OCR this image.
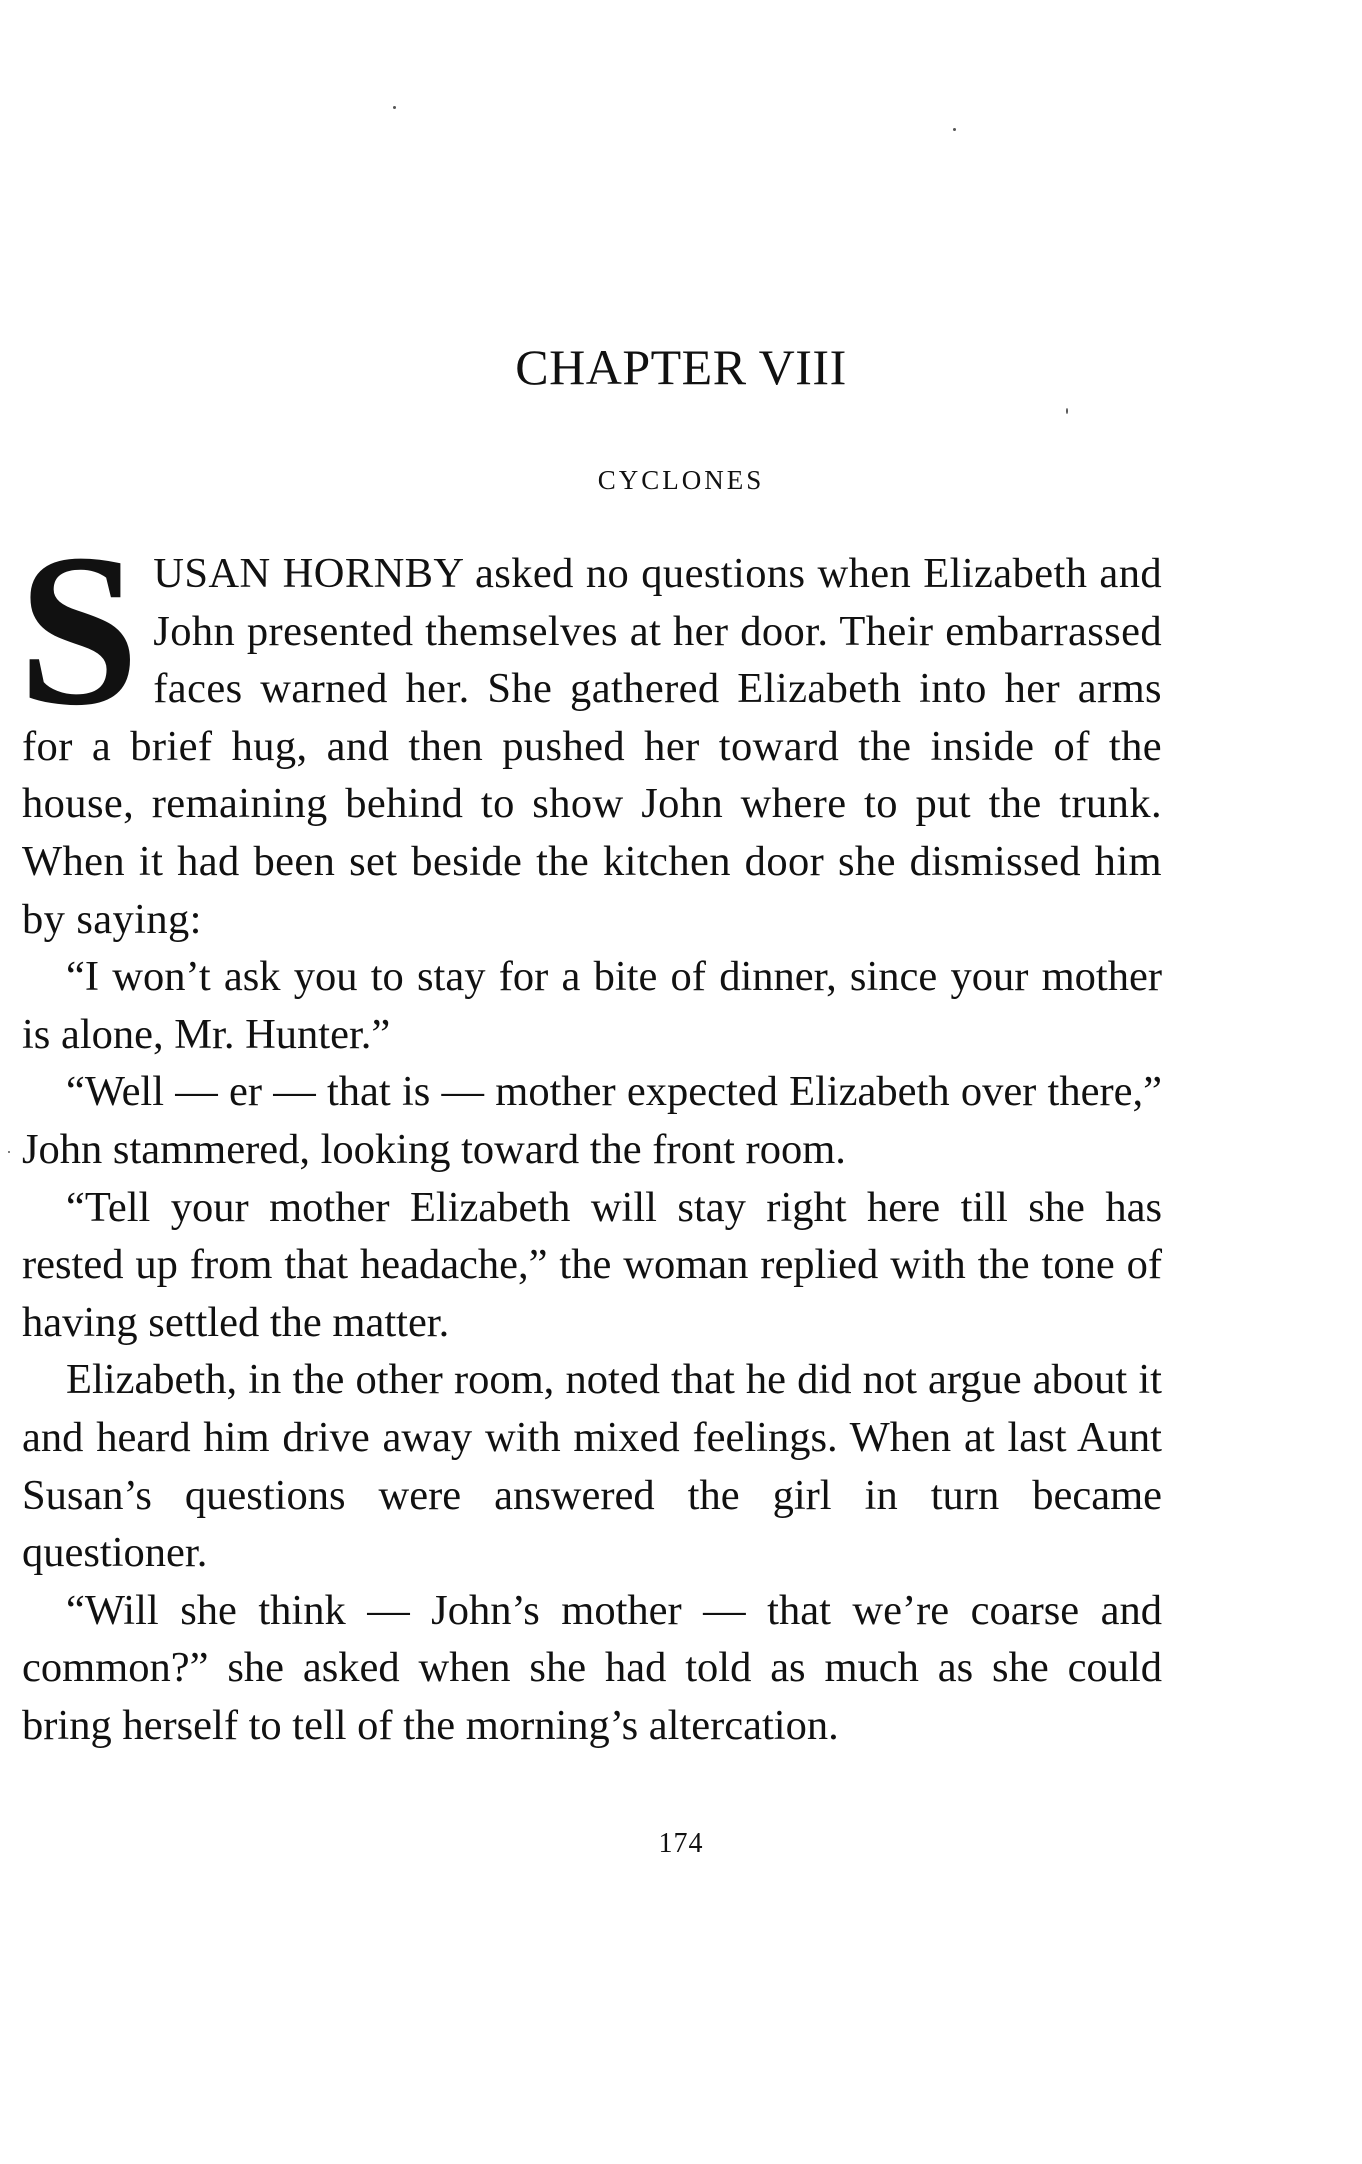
CHAPTER VIII
CYCLONES

SUSAN HORNBY asked no questions when Elizabeth and John presented themselves at her door. Their embarrassed faces warned her. She gathered Elizabeth into her arms for a brief hug, and then pushed her toward the inside of the house, remaining behind to show John where to put the trunk. When it had been set beside the kitchen door she dismissed him by saying:

“I won’t ask you to stay for a bite of dinner, since your mother is alone, Mr. Hunter.”

“Well — er — that is — mother expected Elizabeth over there,” John stammered, looking toward the front room.

“Tell your mother Elizabeth will stay right here till she has rested up from that headache,” the woman replied with the tone of having settled the matter.

Elizabeth, in the other room, noted that he did not argue about it and heard him drive away with mixed feelings. When at last Aunt Susan’s questions were answered the girl in turn became questioner.

“Will she think — John’s mother — that we’re coarse and common?” she asked when she had told as much as she could bring herself to tell of the morning’s altercation.

174
